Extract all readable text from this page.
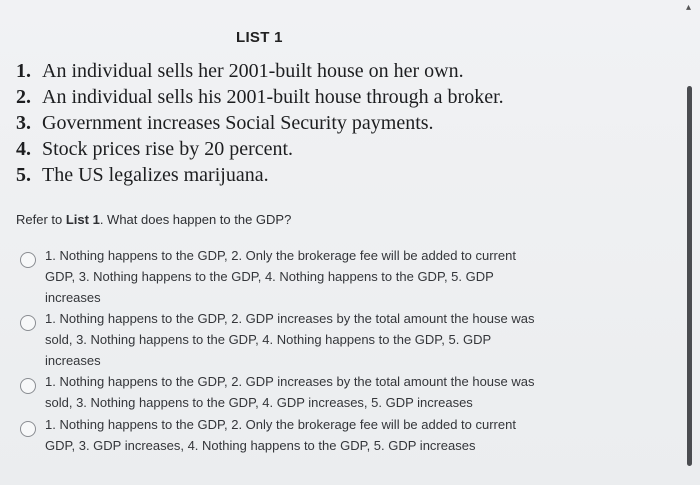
▴
LIST 1
1. An individual sells her 2001-built house on her own.
2. An individual sells his 2001-built house through a broker.
3. Government increases Social Security payments.
4. Stock prices rise by 20 percent.
5. The US legalizes marijuana.
Refer to List 1. What does happen to the GDP?
1. Nothing happens to the GDP, 2. Only the brokerage fee will be added to current GDP, 3. Nothing happens to the GDP, 4. Nothing happens to the GDP, 5. GDP increases
1. Nothing happens to the GDP, 2. GDP increases by the total amount the house was sold, 3. Nothing happens to the GDP, 4. Nothing happens to the GDP, 5. GDP increases
1. Nothing happens to the GDP, 2. GDP increases by the total amount the house was sold, 3. Nothing happens to the GDP, 4. GDP increases, 5. GDP increases
1. Nothing happens to the GDP, 2. Only the brokerage fee will be added to current GDP, 3. GDP increases, 4. Nothing happens to the GDP, 5. GDP increases
